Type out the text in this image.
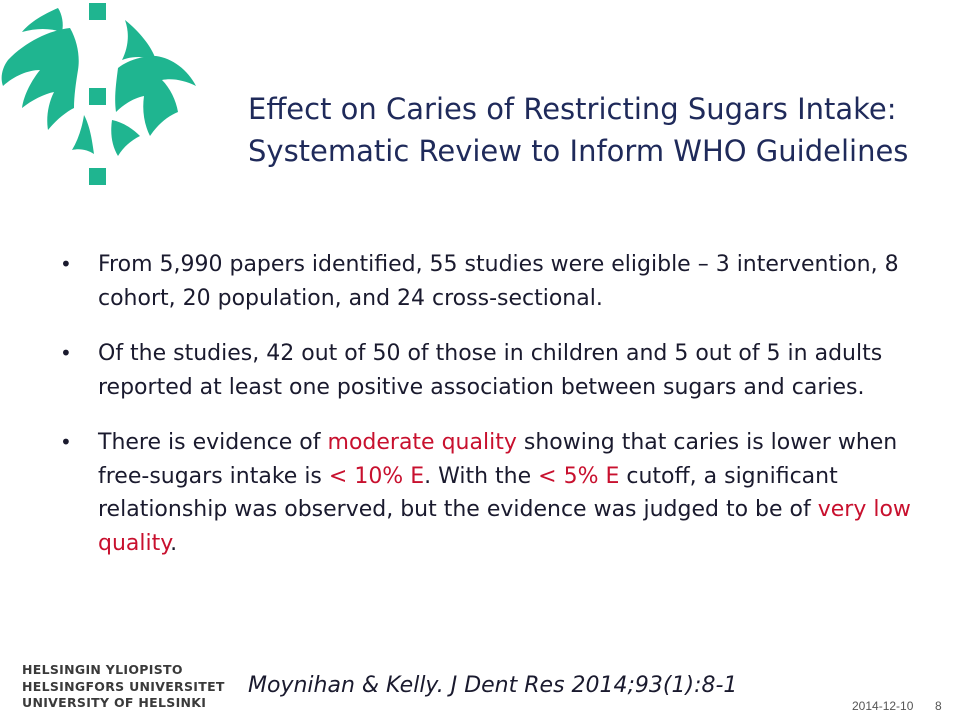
Effect on Caries of Restricting Sugars Intake:
Systematic Review to Inform WHO Guidelines
• From 5,990 papers identified, 55 studies were eligible – 3 intervention, 8 cohort, 20 population, and 24 cross-sectional.
• Of the studies, 42 out of 50 of those in children and 5 out of 5 in adults reported at least one positive association between sugars and caries.
• There is evidence of moderate quality showing that caries is lower when free-sugars intake is < 10% E. With the < 5% E cutoff, a significant relationship was observed, but the evidence was judged to be of very low quality.
HELSINGIN YLIOPISTO
HELSINGFORS UNIVERSITET
UNIVERSITY OF HELSINKI
Moynihan & Kelly. J Dent Res 2014;93(1):8-1
2014-12-10 8
